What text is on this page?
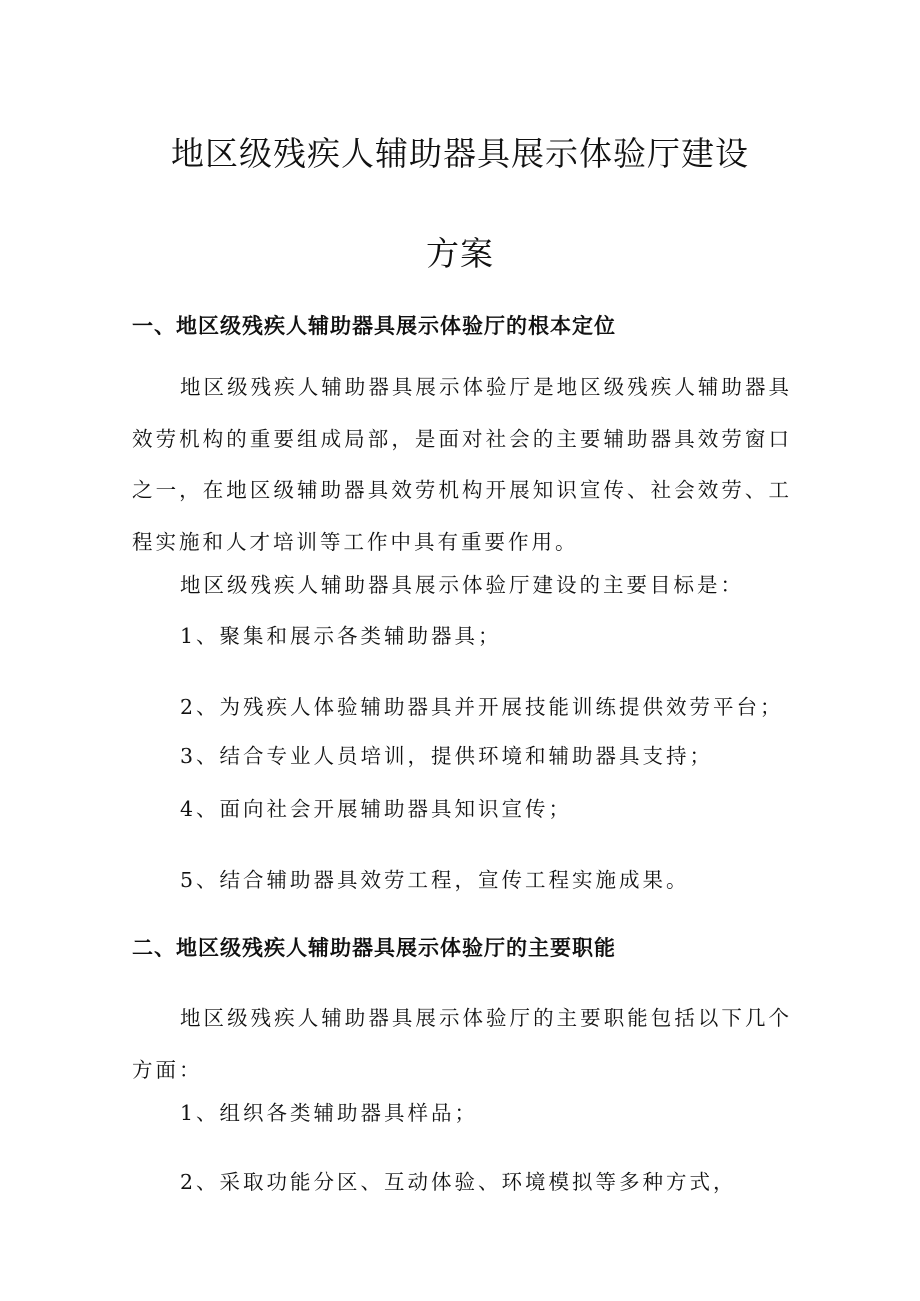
地区级残疾人辅助器具展示体验厅建设
方案
一、地区级残疾人辅助器具展示体验厅的根本定位

地区级残疾人辅助器具展示体验厅是地区级残疾人辅助器具效劳机构的重要组成局部，是面对社会的主要辅助器具效劳窗口之一，在地区级辅助器具效劳机构开展知识宣传、社会效劳、工程实施和人才培训等工作中具有重要作用。

地区级残疾人辅助器具展示体验厅建设的主要目标是：

1、聚集和展示各类辅助器具；

2、为残疾人体验辅助器具并开展技能训练提供效劳平台；

3、结合专业人员培训，提供环境和辅助器具支持；

4、面向社会开展辅助器具知识宣传；

5、结合辅助器具效劳工程，宣传工程实施成果。

二、地区级残疾人辅助器具展示体验厅的主要职能

地区级残疾人辅助器具展示体验厅的主要职能包括以下几个方面：

1、组织各类辅助器具样品；

2、采取功能分区、互动体验、环境模拟等多种方式，
